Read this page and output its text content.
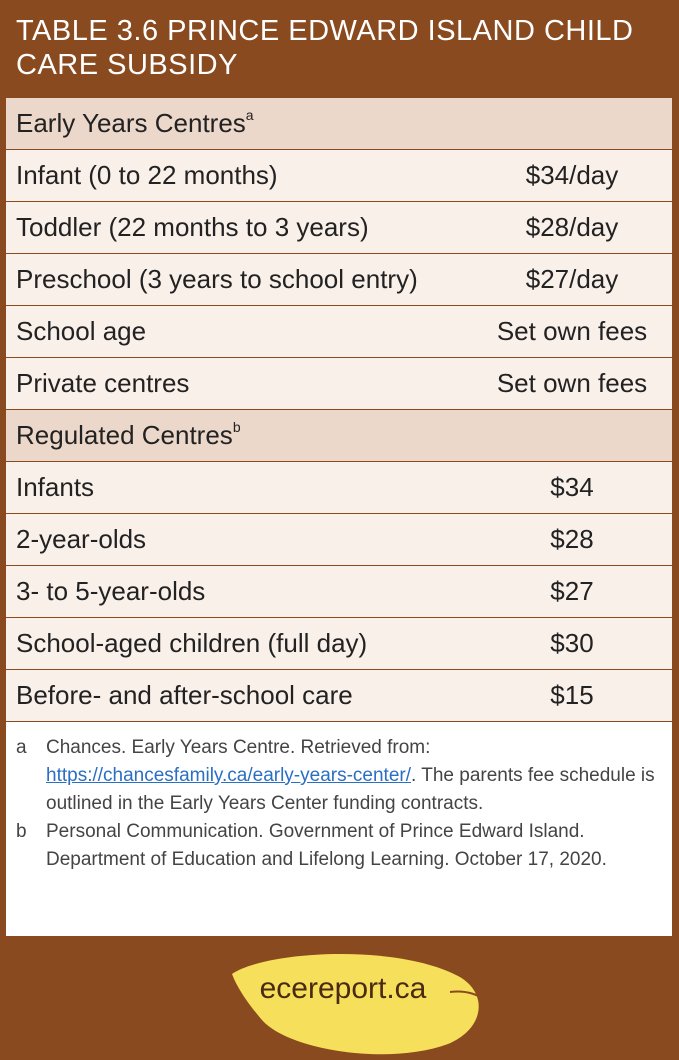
TABLE 3.6 PRINCE EDWARD ISLAND CHILD CARE SUBSIDY
Early Years Centres$^a$
Infant (0 to 22 months)	$34/day
Toddler (22 months to 3 years)	$28/day
Preschool (3 years to school entry)	$27/day
School age	Set own fees
Private centres	Set own fees
Regulated Centres$^b$
Infants	$34
2-year-olds	$28
3- to 5-year-olds	$27
School-aged children (full day)	$30
Before- and after-school care	$15
a	Chances. Early Years Centre. Retrieved from: https://chancesfamily.ca/early-years-center/. The parents fee schedule is outlined in the Early Years Center funding contracts.
b	Personal Communication. Government of Prince Edward Island. Department of Education and Lifelong Learning. October 17, 2020.
ecereport.ca
